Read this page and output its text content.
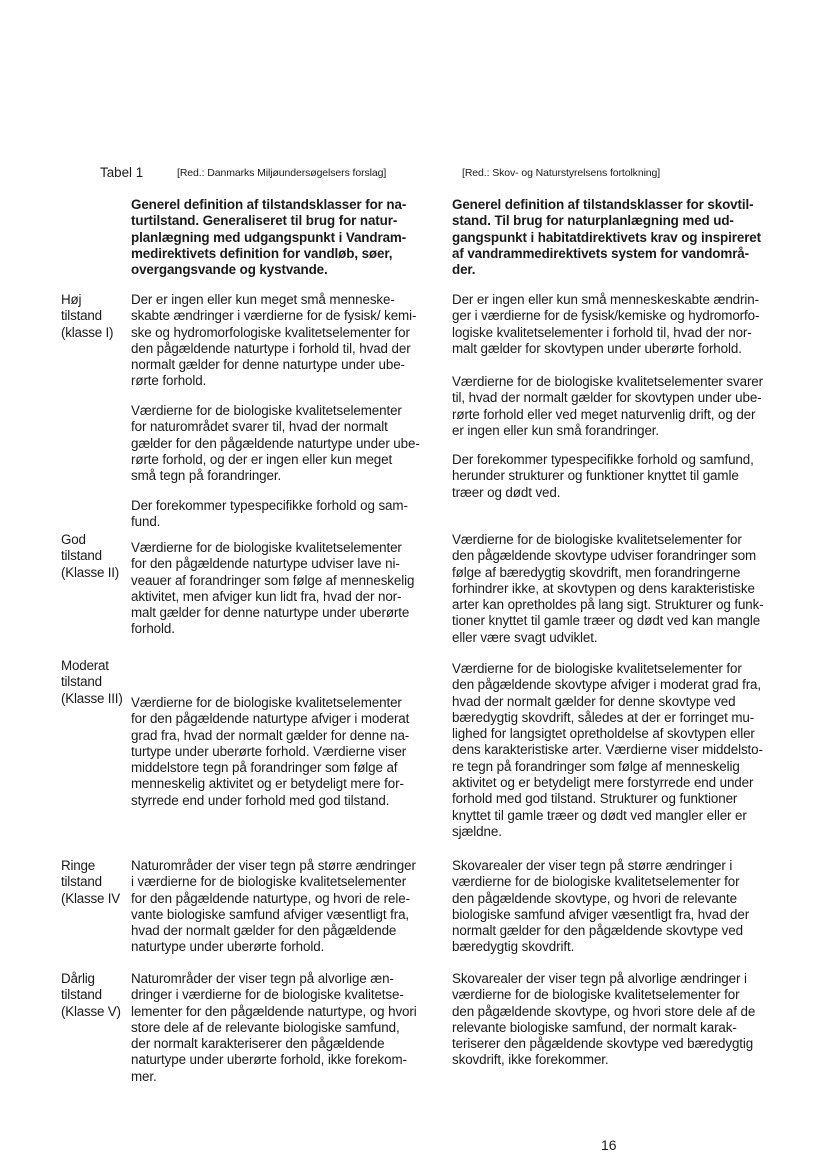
Tabel 1	[Red.: Danmarks Miljøundersøgelsers forslag]	[Red.: Skov- og Naturstyrelsens fortolkning]
Generel definition af tilstandsklasser for na-
turtilstand. Generaliseret til brug for natur-
planlægning med udgangspunkt i Vandram-
medirektivets definition for vandløb, søer,
overgangsvande og kystvande.
Generel definition af tilstandsklasser for skovtil-
stand. Til brug for naturplanlægning med ud-
gangspunkt i habitatdirektivets krav og inspireret
af vandrammedirektivets system for vandområ-
der.
Høj
tilstand
(klasse I)
Der er ingen eller kun meget små menneske-
skabte ændringer i værdierne for de fysisk/ kemi-
ske og hydromorfologiske kvalitetselementer for
den pågældende naturtype i forhold til, hvad der
normalt gælder for denne naturtype under ube-
rørte forhold.
Værdierne for de biologiske kvalitetselementer
for naturområdet svarer til, hvad der normalt
gælder for den pågældende naturtype under ube-
rørte forhold, og der er ingen eller kun meget
små tegn på forandringer.
Der forekommer typespecifikke forhold og sam-
fund.
Der er ingen eller kun små menneskeskabte ændrin-
ger i værdierne for de fysisk/kemiske og hydromorfo-
logiske kvalitetselementer i forhold til, hvad der nor-
malt gælder for skovtypen under uberørte forhold.
Værdierne for de biologiske kvalitetselementer svarer
til, hvad der normalt gælder for skovtypen under ube-
rørte forhold eller ved meget naturvenlig drift, og der
er ingen eller kun små forandringer.
Der forekommer typespecifikke forhold og samfund,
herunder strukturer og funktioner knyttet til gamle
træer og dødt ved.
God
tilstand
(Klasse II)
Værdierne for de biologiske kvalitetselementer
for den pågældende naturtype udviser lave ni-
veauer af forandringer som følge af menneskelig
aktivitet, men afviger kun lidt fra, hvad der nor-
malt gælder for denne naturtype under uberørte
forhold.
Værdierne for de biologiske kvalitetselementer for
den pågældende skovtype udviser forandringer som
følge af bæredygtig skovdrift, men forandringerne
forhindrer ikke, at skovtypen og dens karakteristiske
arter kan opretholdes på lang sigt. Strukturer og funk-
tioner knyttet til gamle træer og dødt ved kan mangle
eller være svagt udviklet.
Moderat
tilstand
(Klasse III) Værdierne for de biologiske kvalitetselementer
for den pågældende naturtype afviger i moderat
grad fra, hvad der normalt gælder for denne na-
turtype under uberørte forhold. Værdierne viser
middelstore tegn på forandringer som følge af
menneskelig aktivitet og er betydeligt mere for-
styrrede end under forhold med god tilstand.
Værdierne for de biologiske kvalitetselementer for
den pågældende skovtype afviger i moderat grad fra,
hvad der normalt gælder for denne skovtype ved
bæredygtig skovdrift, således at der er forringet mu-
lighed for langsigtet opretholdelse af skovtypen eller
dens karakteristiske arter. Værdierne viser middelsto-
re tegn på forandringer som følge af menneskelig
aktivitet og er betydeligt mere forstyrrede end under
forhold med god tilstand. Strukturer og funktioner
knyttet til gamle træer og dødt ved mangler eller er
sjældne.
Ringe
tilstand
(Klasse IV
Naturområder der viser tegn på større ændringer
i værdierne for de biologiske kvalitetselementer
for den pågældende naturtype, og hvori de rele-
vante biologiske samfund afviger væsentligt fra,
hvad der normalt gælder for den pågældende
naturtype under uberørte forhold.
Skovarealer der viser tegn på større ændringer i
værdierne for de biologiske kvalitetselementer for
den pågældende skovtype, og hvori de relevante
biologiske samfund afviger væsentligt fra, hvad der
normalt gælder for den pågældende skovtype ved
bæredygtig skovdrift.
Dårlig
tilstand
(Klasse V)
Naturområder der viser tegn på alvorlige æn-
dringer i værdierne for de biologiske kvalitetse-
lementer for den pågældende naturtype, og hvori
store dele af de relevante biologiske samfund,
der normalt karakteriserer den pågældende
naturtype under uberørte forhold, ikke forekom-
mer.
Skovarealer der viser tegn på alvorlige ændringer i
værdierne for de biologiske kvalitetselementer for
den pågældende skovtype, og hvori store dele af de
relevante biologiske samfund, der normalt karak-
teriserer den pågældende skovtype ved bæredygtig
skovdrift, ikke forekommer.
16
